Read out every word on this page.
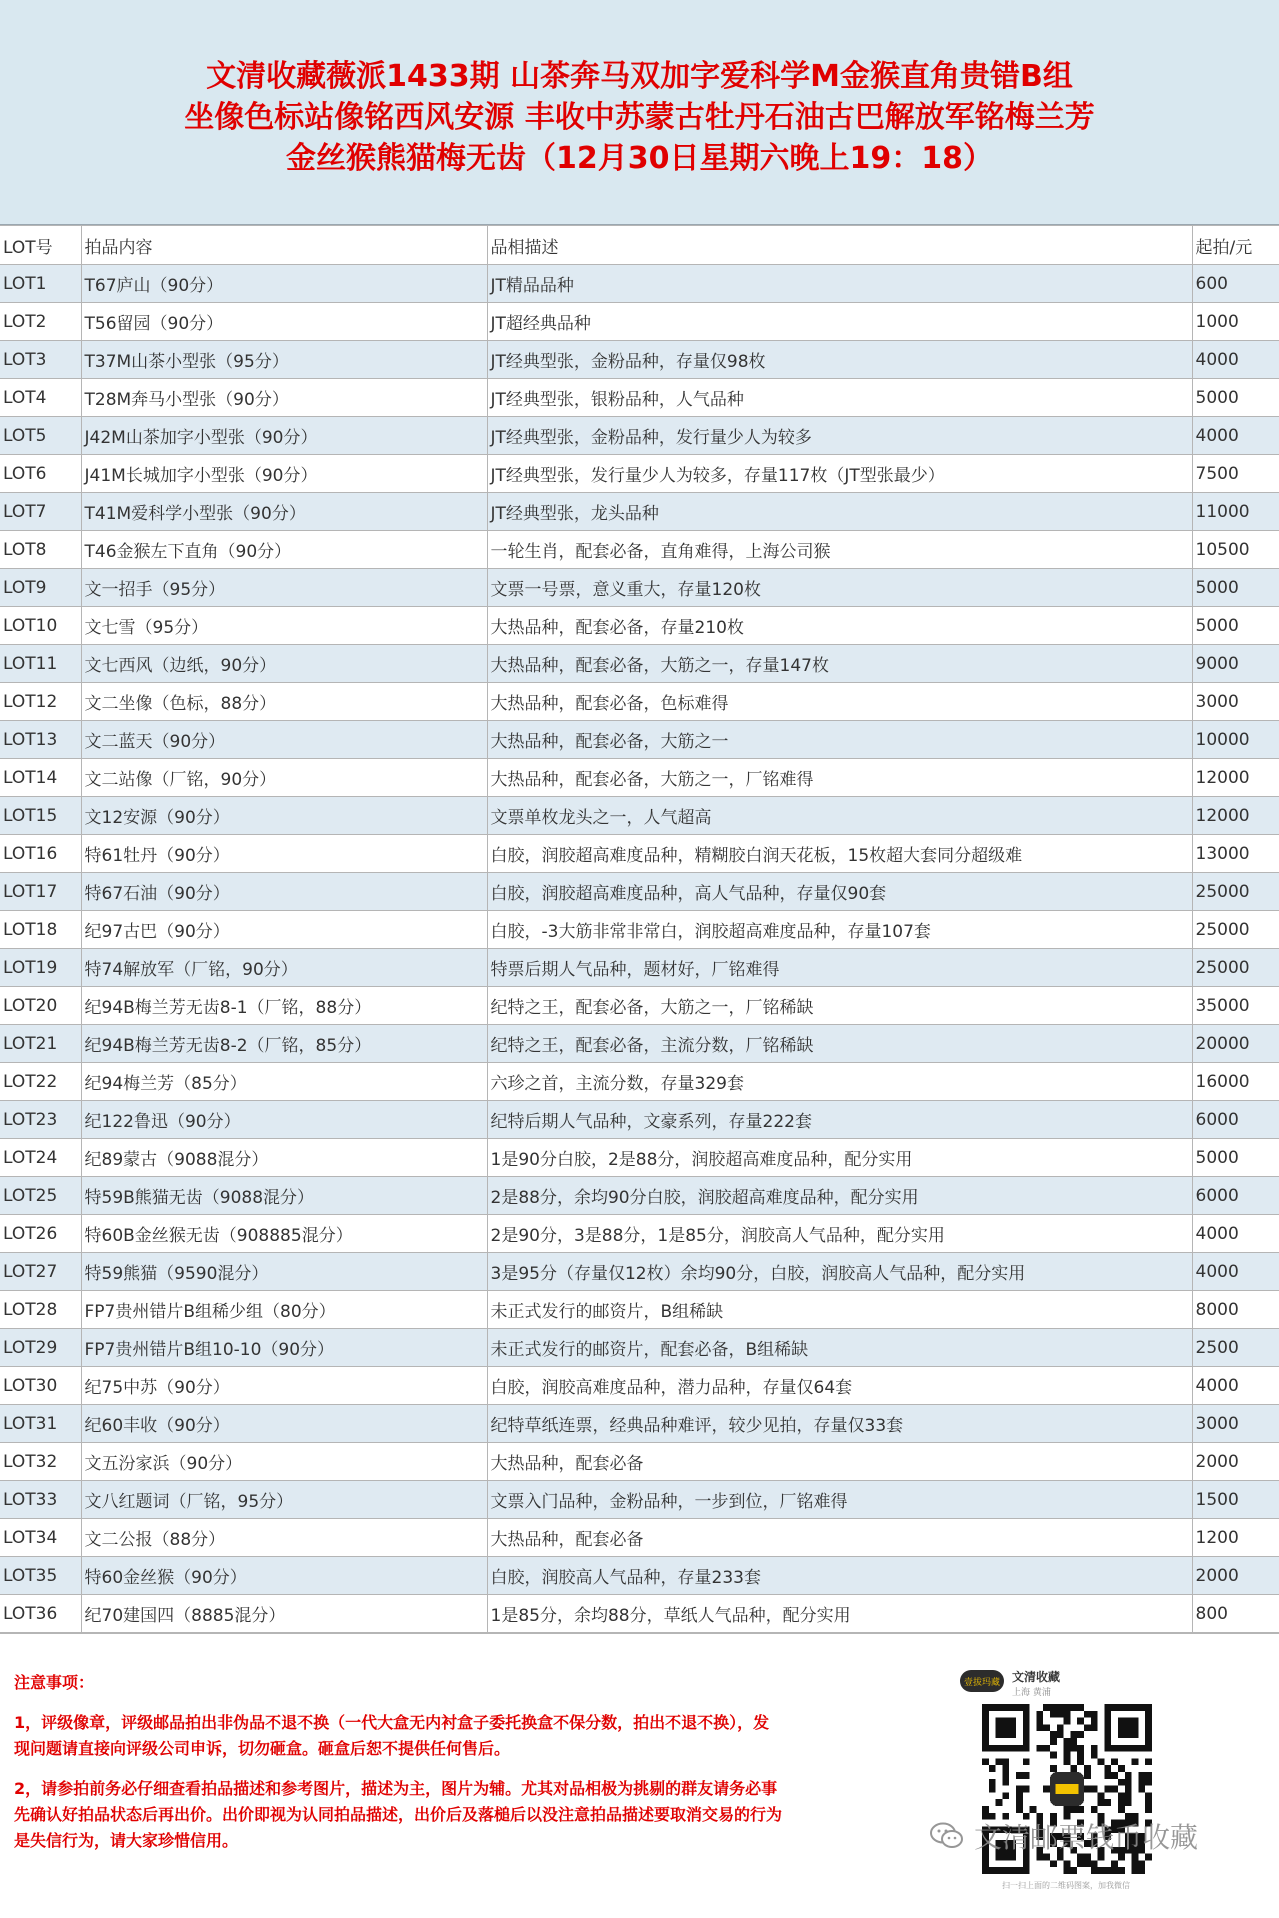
文清收藏薇派1433期 山茶奔马双加字爱科学M金猴直角贵错B组
坐像色标站像铭西风安源 丰收中苏蒙古牡丹石油古巴解放军铭梅兰芳
金丝猴熊猫梅无齿（12月30日星期六晚上19：18）
LOT号	拍品内容	品相描述	起拍/元
LOT1	T67庐山（90分）	JT精品品种	600
LOT2	T56留园（90分）	JT超经典品种	1000
LOT3	T37M山茶小型张（95分）	JT经典型张，金粉品种，存量仅98枚	4000
LOT4	T28M奔马小型张（90分）	JT经典型张，银粉品种，人气品种	5000
LOT5	J42M山茶加字小型张（90分）	JT经典型张，金粉品种，发行量少人为较多	4000
LOT6	J41M长城加字小型张（90分）	JT经典型张，发行量少人为较多，存量117枚（JT型张最少）	7500
LOT7	T41M爱科学小型张（90分）	JT经典型张，龙头品种	11000
LOT8	T46金猴左下直角（90分）	一轮生肖，配套必备，直角难得，上海公司猴	10500
LOT9	文一招手（95分）	文票一号票，意义重大，存量120枚	5000
LOT10	文七雪（95分）	大热品种，配套必备，存量210枚	5000
LOT11	文七西风（边纸，90分）	大热品种，配套必备，大筋之一，存量147枚	9000
LOT12	文二坐像（色标，88分）	大热品种，配套必备，色标难得	3000
LOT13	文二蓝天（90分）	大热品种，配套必备，大筋之一	10000
LOT14	文二站像（厂铭，90分）	大热品种，配套必备，大筋之一，厂铭难得	12000
LOT15	文12安源（90分）	文票单枚龙头之一，人气超高	12000
LOT16	特61牡丹（90分）	白胶，润胶超高难度品种，精糊胶白润天花板，15枚超大套同分超级难	13000
LOT17	特67石油（90分）	白胶，润胶超高难度品种，高人气品种，存量仅90套	25000
LOT18	纪97古巴（90分）	白胶，-3大筋非常非常白，润胶超高难度品种，存量107套	25000
LOT19	特74解放军（厂铭，90分）	特票后期人气品种，题材好，厂铭难得	25000
LOT20	纪94B梅兰芳无齿8-1（厂铭，88分）	纪特之王，配套必备，大筋之一，厂铭稀缺	35000
LOT21	纪94B梅兰芳无齿8-2（厂铭，85分）	纪特之王，配套必备，主流分数，厂铭稀缺	20000
LOT22	纪94梅兰芳（85分）	六珍之首，主流分数，存量329套	16000
LOT23	纪122鲁迅（90分）	纪特后期人气品种，文豪系列，存量222套	6000
LOT24	纪89蒙古（9088混分）	1是90分白胶，2是88分，润胶超高难度品种，配分实用	5000
LOT25	特59B熊猫无齿（9088混分）	2是88分，余均90分白胶，润胶超高难度品种，配分实用	6000
LOT26	特60B金丝猴无齿（908885混分）	2是90分，3是88分，1是85分，润胶高人气品种，配分实用	4000
LOT27	特59熊猫（9590混分）	3是95分（存量仅12枚）余均90分，白胶，润胶高人气品种，配分实用	4000
LOT28	FP7贵州错片B组稀少组（80分）	未正式发行的邮资片，B组稀缺	8000
LOT29	FP7贵州错片B组10-10（90分）	未正式发行的邮资片，配套必备，B组稀缺	2500
LOT30	纪75中苏（90分）	白胶，润胶高难度品种，潜力品种，存量仅64套	4000
LOT31	纪60丰收（90分）	纪特草纸连票，经典品种难评，较少见拍，存量仅33套	3000
LOT32	文五汾家浜（90分）	大热品种，配套必备	2000
LOT33	文八红题词（厂铭，95分）	文票入门品种，金粉品种，一步到位，厂铭难得	1500
LOT34	文二公报（88分）	大热品种，配套必备	1200
LOT35	特60金丝猴（90分）	白胶，润胶高人气品种，存量233套	2000
LOT36	纪70建国四（8885混分）	1是85分，余均88分，草纸人气品种，配分实用	800
注意事项：

1，评级像章，评级邮品拍出非伪品不退不换（一代大盒无内衬盒子委托换盒不保分数，拍出不退不换），发现问题请直接向评级公司申诉，切勿砸盒。砸盒后恕不提供任何售后。

2，请参拍前务必仔细查看拍品描述和参考图片，描述为主，图片为辅。尤其对品相极为挑剔的群友请务必事先确认好拍品状态后再出价。出价即视为认同拍品描述，出价后及落槌后以没注意拍品描述要取消交易的行为是失信行为，请大家珍惜信用。

壹拔玛藏	文清收藏
上海 黄浦
扫一扫上面的二维码图案，加我微信
文清邮票钱币收藏
